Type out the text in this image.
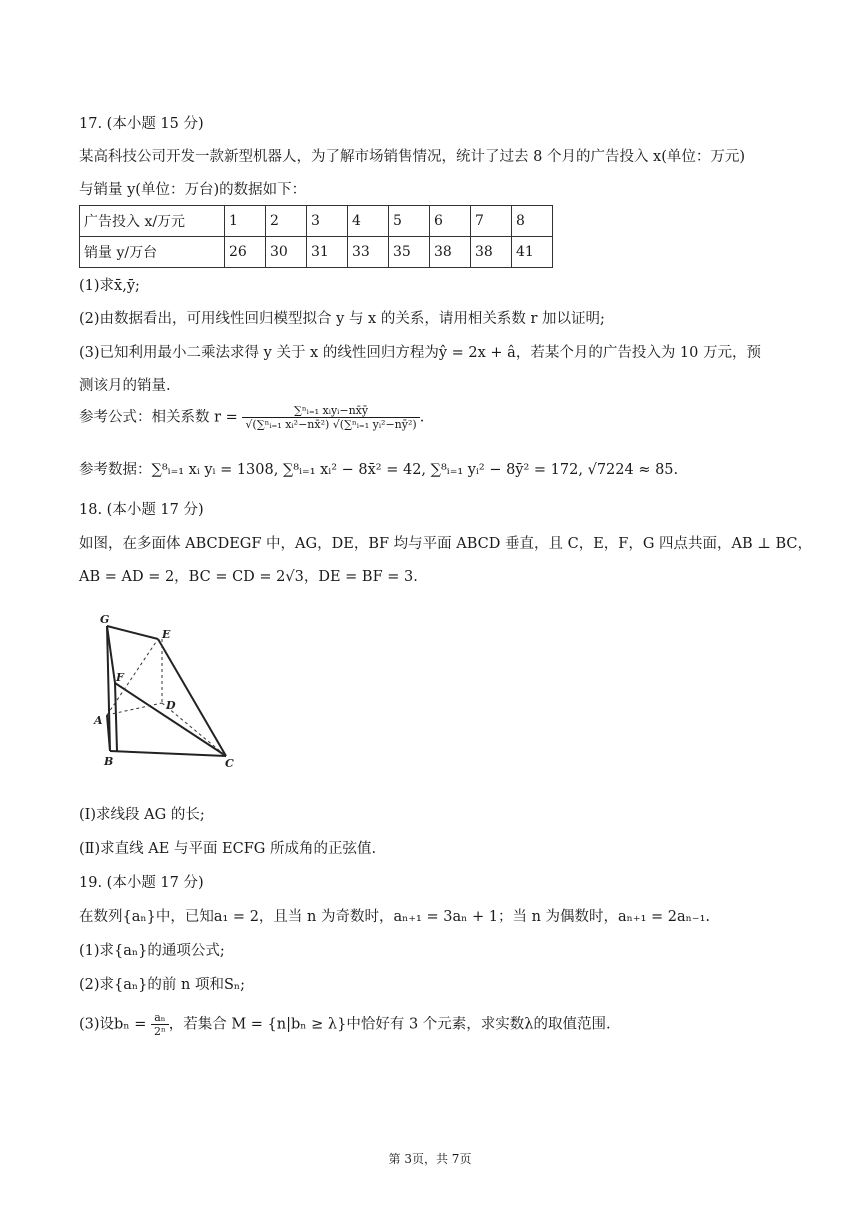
17. (本小题 15 分)
某高科技公司开发一款新型机器人，为了解市场销售情况，统计了过去 8 个月的广告投入 x(单位：万元)
与销量 y(单位：万台)的数据如下：
广告投入 x/万元	1	2	3	4	5	6	7	8
销量 y/万台	26	30	31	33	35	38	38	41
(1)求x̄,ȳ;
(2)由数据看出，可用线性回归模型拟合 y 与 x 的关系，请用相关系数 r 加以证明;
(3)已知利用最小二乘法求得 y 关于 x 的线性回归方程为ŷ = 2x + â，若某个月的广告投入为 10 万元，预
测该月的销量.
参考公式：相关系数 $r = \frac{\text{∑ⁿᵢ₌₁ xᵢyᵢ−nx̄ȳ}}{\text{√(∑ⁿᵢ₌₁ xᵢ²−nx̄²) √(∑ⁿᵢ₌₁ yᵢ²−nȳ²)}}$ .
参考数据：∑⁸ᵢ₌₁ xᵢ yᵢ = 1308, ∑⁸ᵢ₌₁ xᵢ² − 8x̄² = 42, ∑⁸ᵢ₌₁ yᵢ² − 8ȳ² = 172, √7224 ≈ 85.
18. (本小题 17 分)
如图，在多面体 ABCDEGF 中，AG，DE，BF 均与平面 ABCD 垂直，且 C，E，F，G 四点共面，AB ⊥ BC，
AB = AD = 2，BC = CD = 2√3，DE = BF = 3.
G
E
F
D
A
B	C
(Ⅰ)求线段 AG 的长;
(Ⅱ)求直线 AE 与平面 ECFG 所成角的正弦值.
19. (本小题 17 分)
在数列{aₙ}中，已知a₁ = 2，且当 n 为奇数时，aₙ₊₁ = 3aₙ + 1；当 n 为偶数时，aₙ₊₁ = 2aₙ₋₁.
(1)求{aₙ}的通项公式;
(2)求{aₙ}的前 n 项和Sₙ;
(3)设$b_n = \frac{\text{aₙ}}{\text{2ⁿ}}$ ，若集合 M = {n|bₙ ≥ λ}中恰好有 3 个元素，求实数λ的取值范围.
第 3页，共 7页
